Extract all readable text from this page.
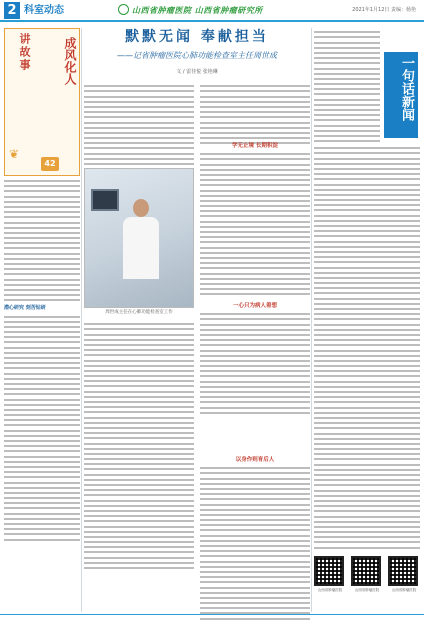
2 科室动态	山西省肿瘤医院 山西省肿瘤研究所	2021年1月12日 责编：杨艳
讲故事	成风化人
❦
42
潜心研究 刻苦钻研
默默无闻 奉献担当
——记省肿瘤医院心肺功能检查室主任周世成
文 / 雷佳悦 张艳琳
学无止境 长期积淀
周世成主任在心肺功能检查室工作
一心只为病人着想
以身作则育后人
一句话新闻
山西省肿瘤医院	山西省肿瘤医院	山西省肿瘤医院
